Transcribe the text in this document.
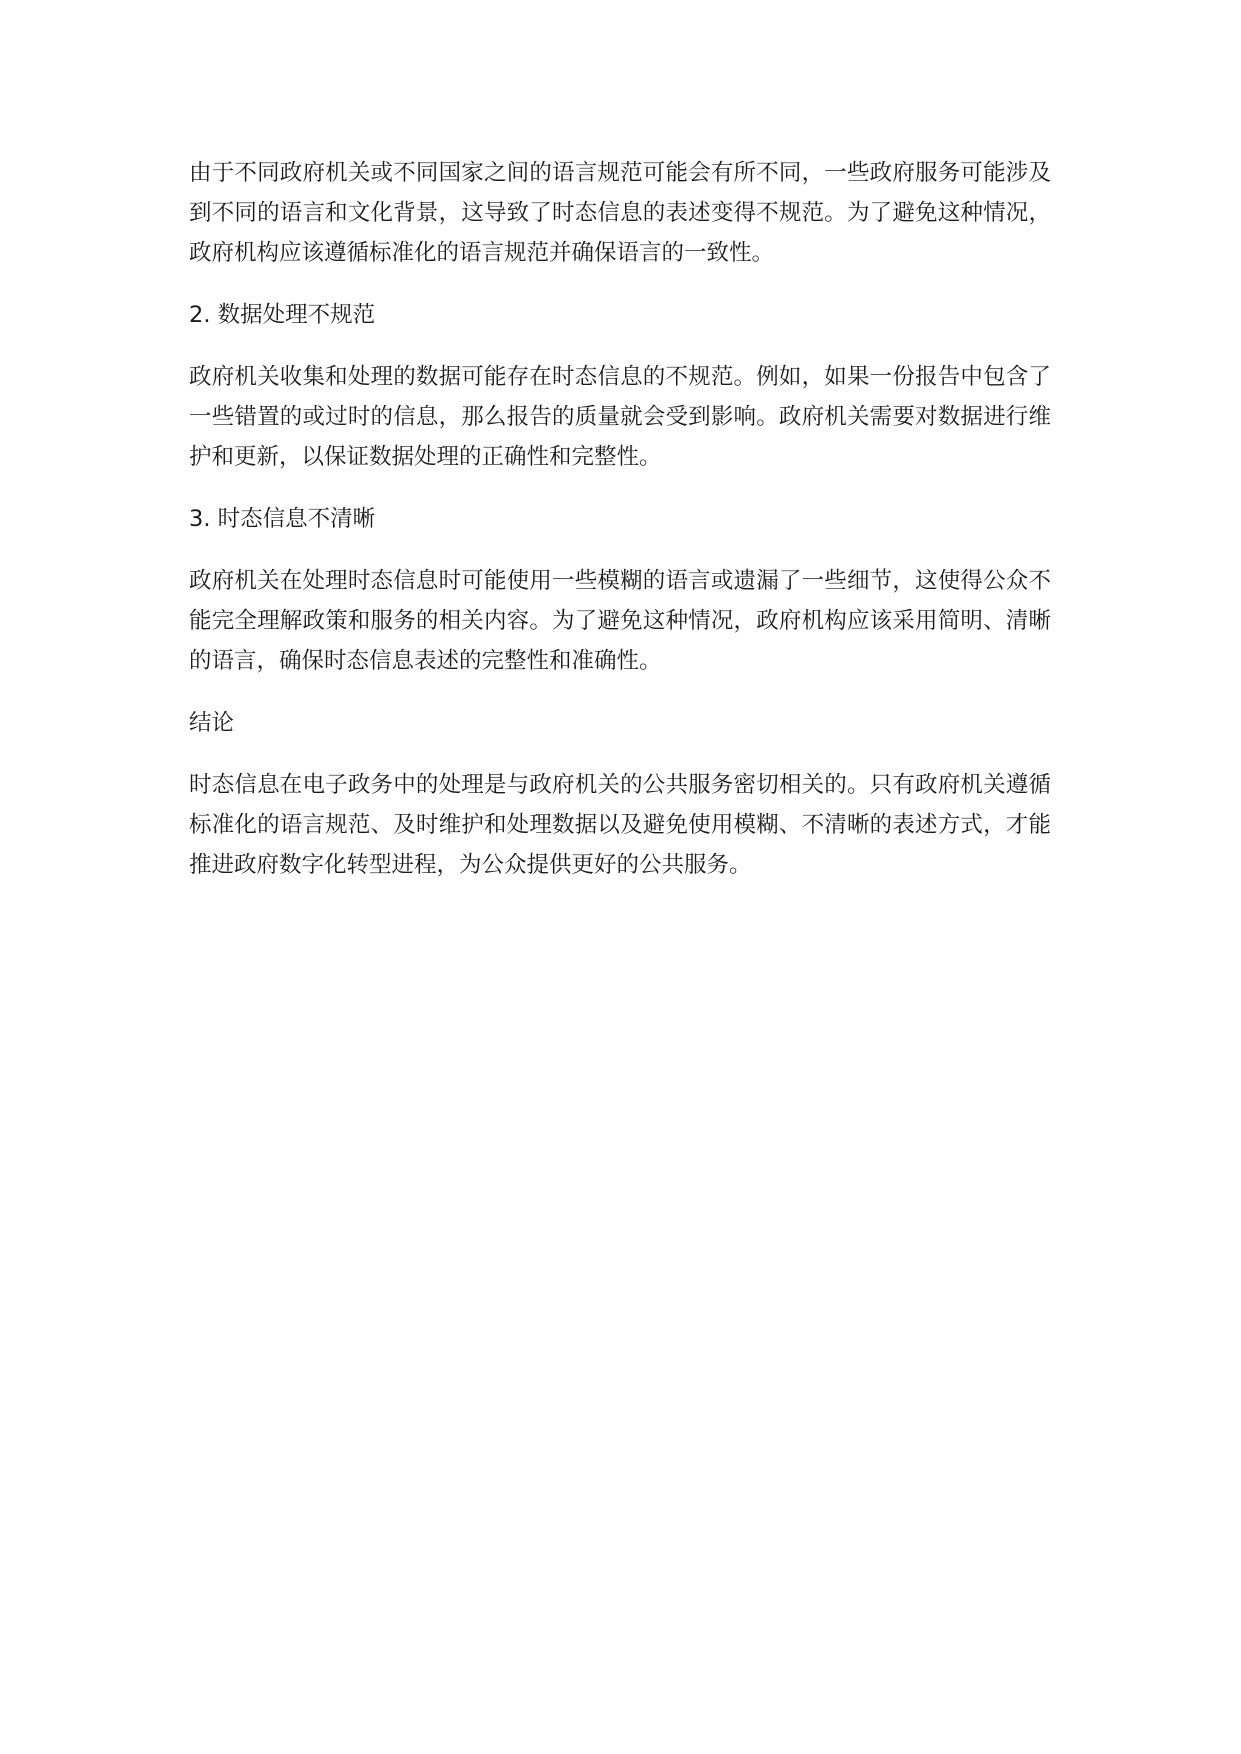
由于不同政府机关或不同国家之间的语言规范可能会有所不同，一些政府服务可能涉及到不同的语言和文化背景，这导致了时态信息的表述变得不规范。为了避免这种情况，政府机构应该遵循标准化的语言规范并确保语言的一致性。

2. 数据处理不规范

政府机关收集和处理的数据可能存在时态信息的不规范。例如，如果一份报告中包含了一些错置的或过时的信息，那么报告的质量就会受到影响。政府机关需要对数据进行维护和更新，以保证数据处理的正确性和完整性。

3. 时态信息不清晰

政府机关在处理时态信息时可能使用一些模糊的语言或遗漏了一些细节，这使得公众不能完全理解政策和服务的相关内容。为了避免这种情况，政府机构应该采用简明、清晰的语言，确保时态信息表述的完整性和准确性。

结论

时态信息在电子政务中的处理是与政府机关的公共服务密切相关的。只有政府机关遵循标准化的语言规范、及时维护和处理数据以及避免使用模糊、不清晰的表述方式，才能推进政府数字化转型进程，为公众提供更好的公共服务。
